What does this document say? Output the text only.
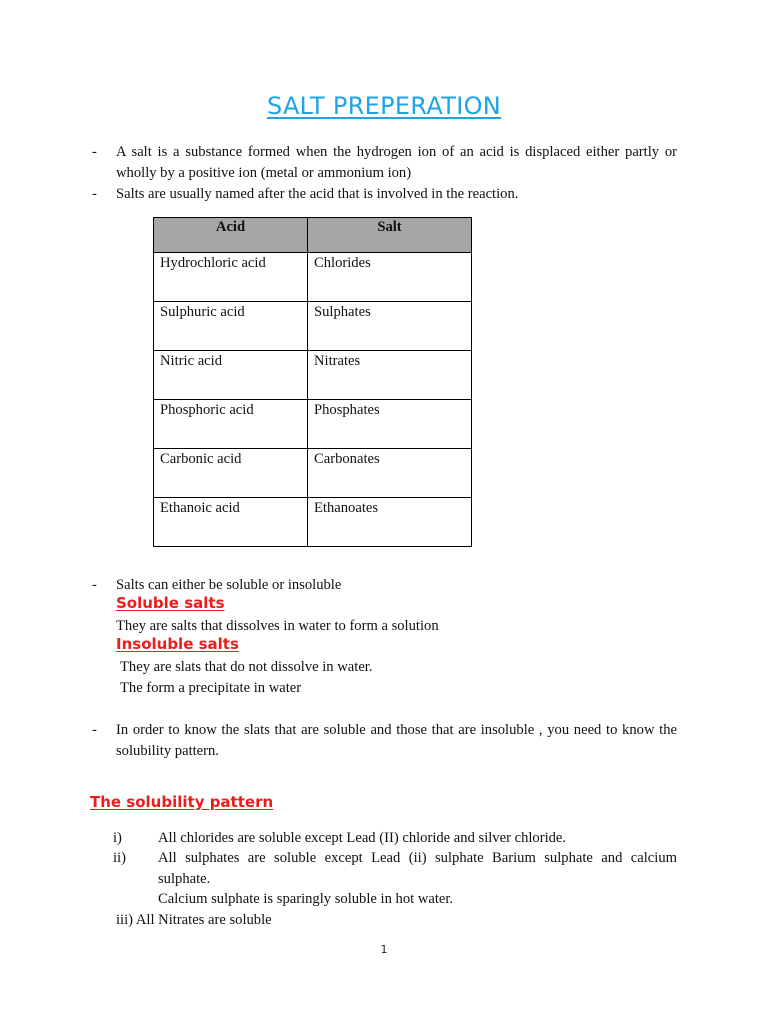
SALT PREPERATION
- A salt is a substance formed when the hydrogen ion of an acid is displaced either partly or wholly by a positive ion (metal or ammonium ion)
- Salts are usually named after the acid that is involved in the reaction.
Acid	Salt
Hydrochloric acid	Chlorides
Sulphuric acid	Sulphates
Nitric acid	Nitrates
Phosphoric acid	Phosphates
Carbonic acid	Carbonates
Ethanoic acid	Ethanoates
- Salts can either be soluble or insoluble
Soluble salts
They are salts that dissolves in water to form a solution
Insoluble salts
They are slats that do not dissolve in water.
The form a precipitate in water
- In order to know the slats that are soluble and those that are insoluble , you need to know the solubility pattern.
The solubility pattern
i) All chlorides are soluble except Lead (II) chloride and silver chloride.
ii) All sulphates are soluble except Lead (ii) sulphate Barium sulphate and calcium sulphate.
Calcium sulphate is sparingly soluble in hot water.
iii) All Nitrates are soluble
1
